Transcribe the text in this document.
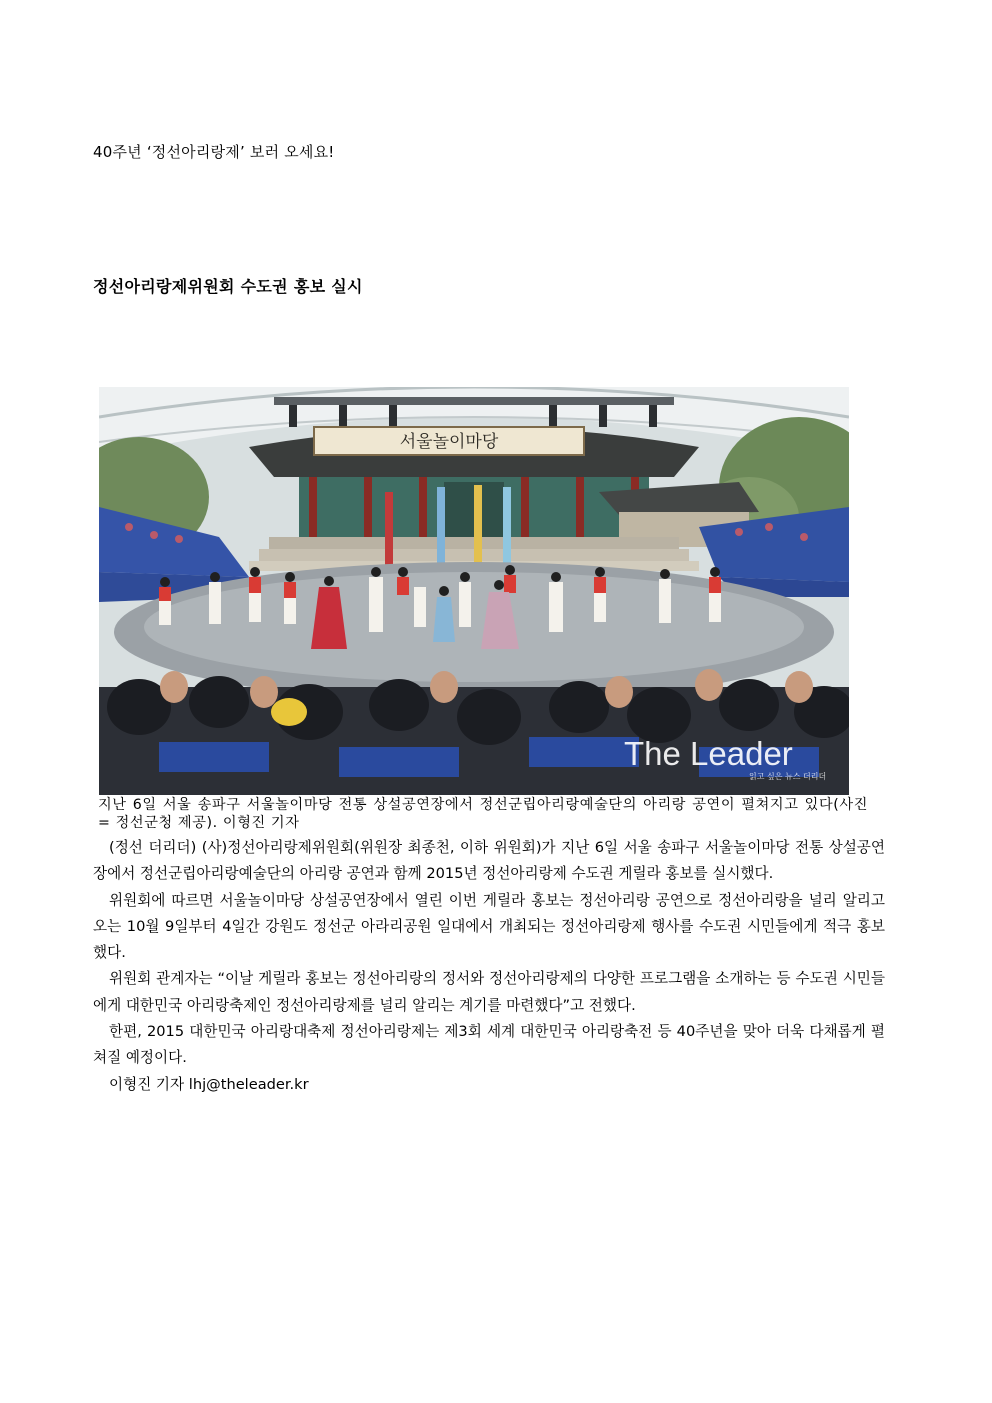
40주년 ‘정선아리랑제’ 보러 오세요!
정선아리랑제위원회 수도권 홍보 실시
서울놀이마당
The Leader
읽고 싶은 뉴스 더리더
지난 6일 서울 송파구 서울놀이마당 전통 상설공연장에서 정선군립아리랑예술단의 아리랑 공연이 펼쳐지고 있다(사진= 정선군청 제공). 이형진 기자

(정선 더리더) (사)정선아리랑제위원회(위원장 최종천, 이하 위원회)가 지난 6일 서울 송파구 서울놀이마당 전통 상설공연장에서 정선군립아리랑예술단의 아리랑 공연과 함께 2015년 정선아리랑제 수도권 게릴라 홍보를 실시했다.

위원회에 따르면 서울놀이마당 상설공연장에서 열린 이번 게릴라 홍보는 정선아리랑 공연으로 정선아리랑을 널리 알리고 오는 10월 9일부터 4일간 강원도 정선군 아라리공원 일대에서 개최되는 정선아리랑제 행사를 수도권 시민들에게 적극 홍보했다.

위원회 관계자는 “이날 게릴라 홍보는 정선아리랑의 정서와 정선아리랑제의 다양한 프로그램을 소개하는 등 수도권 시민들에게 대한민국 아리랑축제인 정선아리랑제를 널리 알리는 계기를 마련했다”고 전했다.

한편, 2015 대한민국 아리랑대축제 정선아리랑제는 제3회 세계 대한민국 아리랑축전 등 40주년을 맞아 더욱 다채롭게 펼쳐질 예정이다.

이형진 기자 lhj@theleader.kr
